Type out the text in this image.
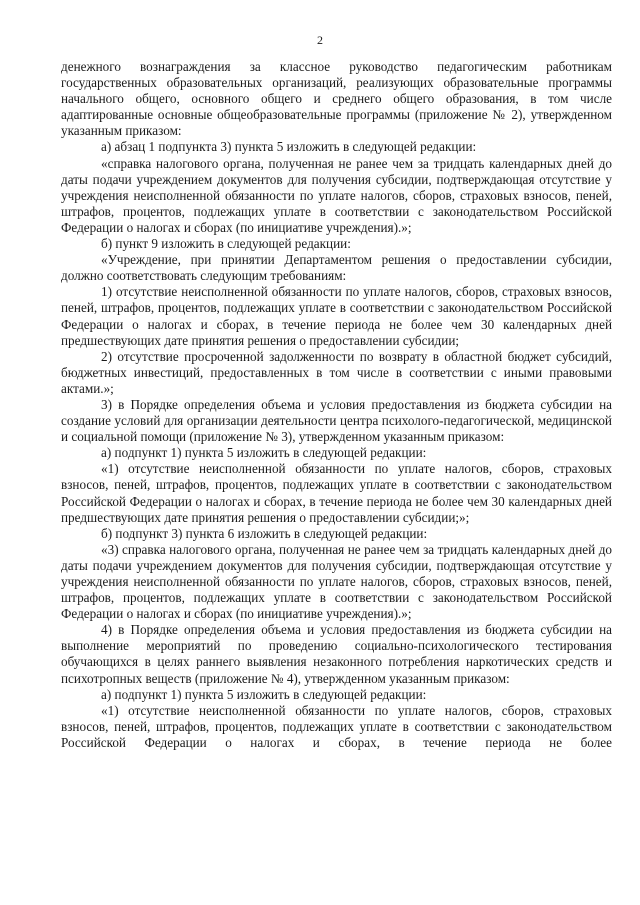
2

денежного вознаграждения за классное руководство педагогическим работникам государственных образовательных организаций, реализующих образовательные программы начального общего, основного общего и среднего общего образования, в том числе адаптированные основные общеобразовательные программы (приложение № 2), утвержденном указанным приказом:

а) абзац 1 подпункта 3) пункта 5 изложить в следующей редакции:

«справка налогового органа, полученная не ранее чем за тридцать календарных дней до даты подачи учреждением документов для получения субсидии, подтверждающая отсутствие у учреждения неисполненной обязанности по уплате налогов, сборов, страховых взносов, пеней, штрафов, процентов, подлежащих уплате в соответствии с законодательством Российской Федерации о налогах и сборах (по инициативе учреждения).»;

б) пункт 9 изложить в следующей редакции:

«Учреждение, при принятии Департаментом решения о предоставлении субсидии, должно соответствовать следующим требованиям:

1) отсутствие неисполненной обязанности по уплате налогов, сборов, страховых взносов, пеней, штрафов, процентов, подлежащих уплате в соответствии с законодательством Российской Федерации о налогах и сборах, в течение периода не более чем 30 календарных дней предшествующих дате принятия решения о предоставлении субсидии;

2) отсутствие просроченной задолженности по возврату в областной бюджет субсидий, бюджетных инвестиций, предоставленных в том числе в соответствии с иными правовыми актами.»;

3) в Порядке определения объема и условия предоставления из бюджета субсидии на создание условий для организации деятельности центра психолого-педагогической, медицинской и социальной помощи (приложение № 3), утвержденном указанным приказом:

а) подпункт 1) пункта 5 изложить в следующей редакции:

«1) отсутствие неисполненной обязанности по уплате налогов, сборов, страховых взносов, пеней, штрафов, процентов, подлежащих уплате в соответствии с законодательством Российской Федерации о налогах и сборах, в течение периода не более чем 30 календарных дней предшествующих дате принятия решения о предоставлении субсидии;»;

б) подпункт 3) пункта 6 изложить в следующей редакции:

«3) справка налогового органа, полученная не ранее чем за тридцать календарных дней до даты подачи учреждением документов для получения субсидии, подтверждающая отсутствие у учреждения неисполненной обязанности по уплате налогов, сборов, страховых взносов, пеней, штрафов, процентов, подлежащих уплате в соответствии с законодательством Российской Федерации о налогах и сборах (по инициативе учреждения).»;

4) в Порядке определения объема и условия предоставления из бюджета субсидии на выполнение мероприятий по проведению социально-психологического тестирования обучающихся в целях раннего выявления незаконного потребления наркотических средств и психотропных веществ (приложение № 4), утвержденном указанным приказом:

а) подпункт 1) пункта 5 изложить в следующей редакции:

«1) отсутствие неисполненной обязанности по уплате налогов, сборов, страховых взносов, пеней, штрафов, процентов, подлежащих уплате в соответствии с законодательством Российской Федерации о налогах и сборах, в течение периода не более
